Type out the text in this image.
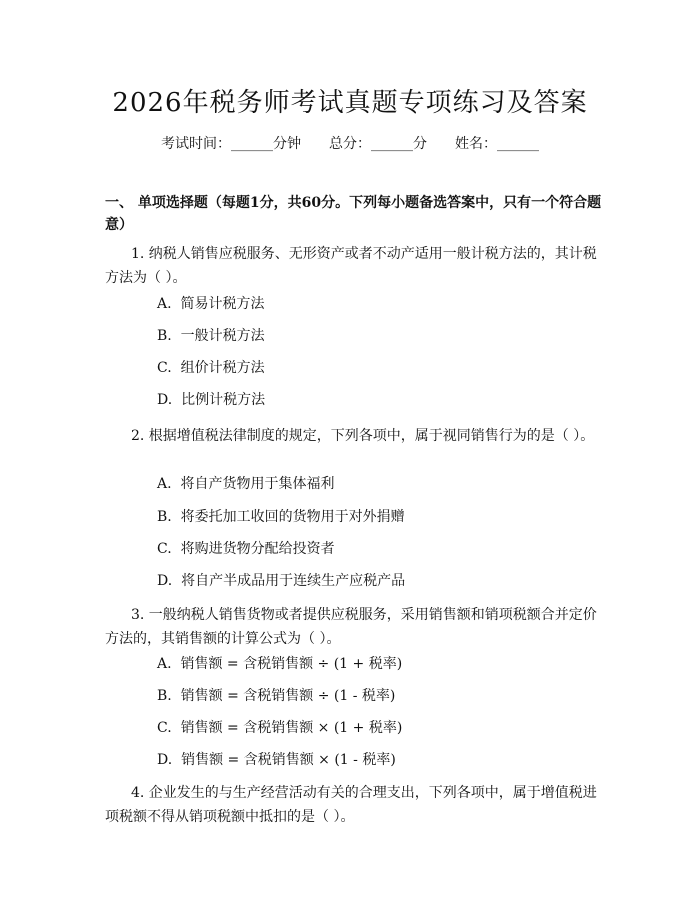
2026年税务师考试真题专项练习及答案
考试时间：______分钟 总分：______分 姓名：______
一、 单项选择题（每题1分，共60分。下列每小题备选答案中，只有一个符合题意）
1. 纳税人销售应税服务、无形资产或者不动产适用一般计税方法的，其计税方法为（ ）。
A.  简易计税方法
B.  一般计税方法
C.  组价计税方法
D.  比例计税方法
2. 根据增值税法律制度的规定，下列各项中，属于视同销售行为的是（ ）。
A.  将自产货物用于集体福利
B.  将委托加工收回的货物用于对外捐赠
C.  将购进货物分配给投资者
D.  将自产半成品用于连续生产应税产品
3. 一般纳税人销售货物或者提供应税服务，采用销售额和销项税额合并定价方法的，其销售额的计算公式为（ ）。
A.  销售额 = 含税销售额 ÷ (1 + 税率)
B.  销售额 = 含税销售额 ÷ (1 - 税率)
C.  销售额 = 含税销售额 × (1 + 税率)
D.  销售额 = 含税销售额 × (1 - 税率)
4. 企业发生的与生产经营活动有关的合理支出，下列各项中，属于增值税进项税额不得从销项税额中抵扣的是（ ）。
